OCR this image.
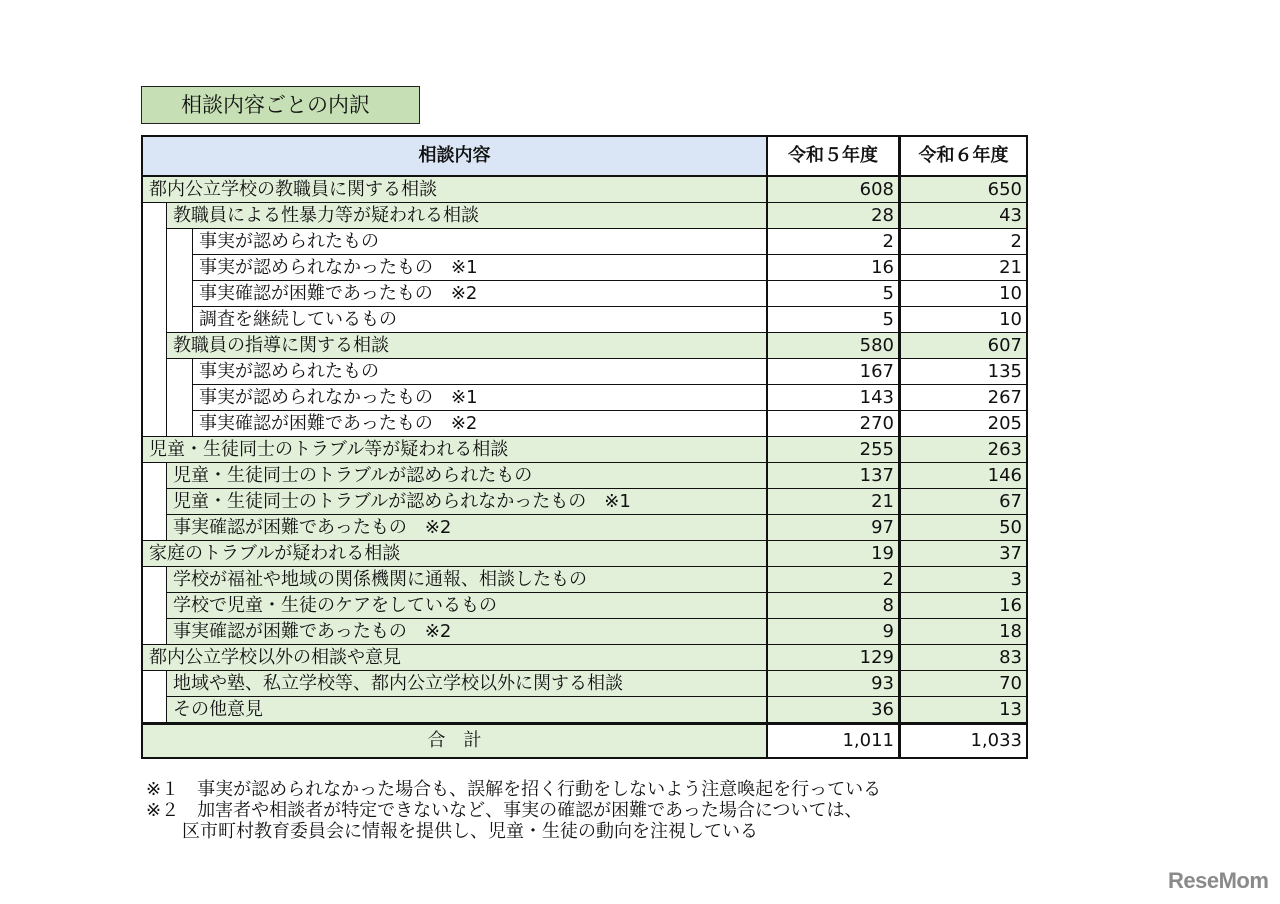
相談内容ごとの内訳
相談内容	令和５年度	令和６年度
都内公立学校の教職員に関する相談	608	650
教職員による性暴力等が疑われる相談	28	43
事実が認められたもの	2	2
事実が認められなかったもの　※1	16	21
事実確認が困難であったもの　※2	5	10
調査を継続しているもの	5	10
教職員の指導に関する相談	580	607
事実が認められたもの	167	135
事実が認められなかったもの　※1	143	267
事実確認が困難であったもの　※2	270	205
児童・生徒同士のトラブル等が疑われる相談	255	263
児童・生徒同士のトラブルが認められたもの	137	146
児童・生徒同士のトラブルが認められなかったもの　※1	21	67
事実確認が困難であったもの　※2	97	50
家庭のトラブルが疑われる相談	19	37
学校が福祉や地域の関係機関に通報、相談したもの	2	3
学校で児童・生徒のケアをしているもの	8	16
事実確認が困難であったもの　※2	9	18
都内公立学校以外の相談や意見	129	83
地域や塾、私立学校等、都内公立学校以外に関する相談	93	70
その他意見	36	13
合　計	1,011	1,033
※１　事実が認められなかった場合も、誤解を招く行動をしないよう注意喚起を行っている
※２　加害者や相談者が特定できないなど、事実の確認が困難であった場合については、
　　区市町村教育委員会に情報を提供し、児童・生徒の動向を注視している
ReseMom
